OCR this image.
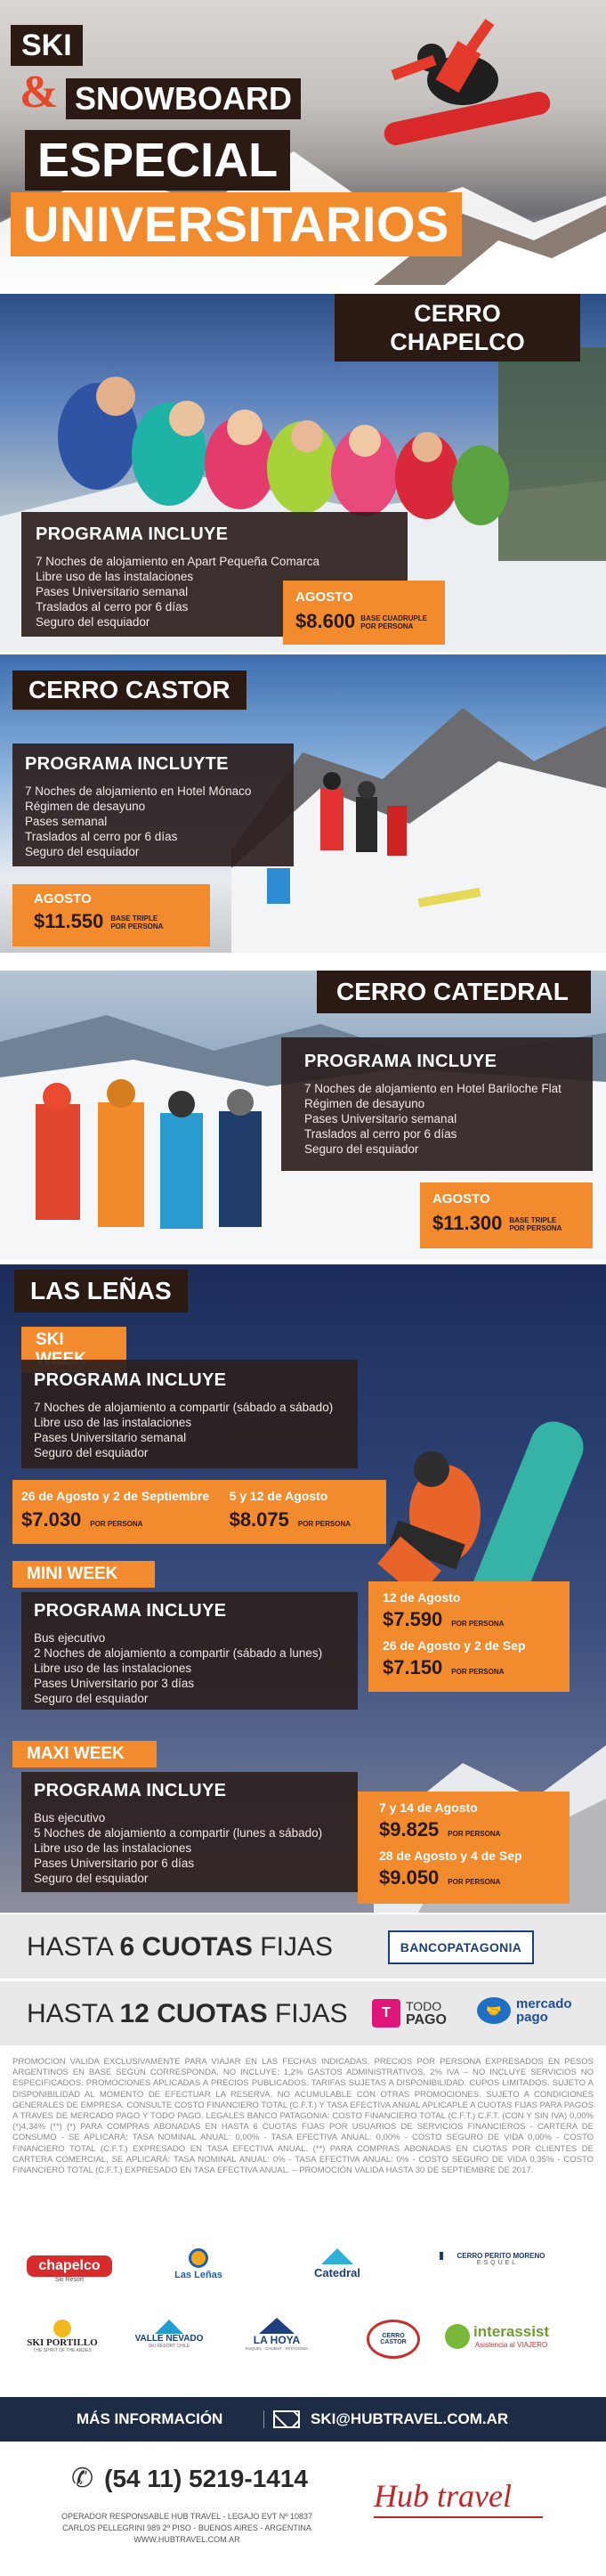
SKI
& SNOWBOARD
ESPECIAL
UNIVERSITARIOS
CERRO CHAPELCO
PROGRAMA INCLUYE
7 Noches de alojamiento en Apart Pequeña Comarca
Libre uso de las instalaciones
Pases Universitario semanal
Traslados al cerro por 6 días
Seguro del esquiador
AGOSTO
$8.600 BASE CUADRUPLE
POR PERSONA
CERRO CASTOR
PROGRAMA INCLUYTE
7 Noches de alojamiento en Hotel Mónaco
Régimen de desayuno
Pases semanal
Traslados al cerro por 6 días
Seguro del esquiador
AGOSTO
$11.550 BASE TRIPLE
POR PERSONA
CERRO CATEDRAL
PROGRAMA INCLUYE
7 Noches de alojamiento en Hotel Bariloche Flat
Régimen de desayuno
Pases Universitario semanal
Traslados al cerro por 6 días
Seguro del esquiador
AGOSTO
$11.300 BASE TRIPLE
POR PERSONA
LAS LEÑAS
SKI
PROGRAMA INCLUYE
7 Noches de alojamiento a compartir (sábado a sábado)
Libre uso de las instalaciones
Pases Universitario semanal
Seguro del esquiador
26 de Agosto y 2 de Septiembre
$7.030 POR PERSONA
5 y 12 de Agosto
$8.075 POR PERSONA
MINI WEEK
PROGRAMA INCLUYE
Bus ejecutivo
2 Noches de alojamiento a compartir (sábado a lunes)
Libre uso de las instalaciones
Pases Universitario por 3 días
Seguro del esquiador
12 de Agosto
$7.590 POR PERSONA
26 de Agosto y 2 de Sep
$7.150 POR PERSONA
MAXI WEEK
PROGRAMA INCLUYE
Bus ejecutivo
5 Noches de alojamiento a compartir (lunes a sábado)
Libre uso de las instalaciones
Pases Universitario por 6 días
Seguro del esquiador
7 y 14 de Agosto
$9.825 POR PERSONA
28 de Agosto y 4 de Sep
$9.050 POR PERSONA
HASTA 6 CUOTAS FIJAS	BANCOPATAGONIA
HASTA 12 CUOTAS FIJAS	T	TODO
PAGO
🤝	mercado
pago

PROMOCION VALIDA EXCLUSIVAMENTE PARA VIAJAR EN LAS FECHAS INDICADAS. PRECIOS POR PERSONA EXPRESADOS EN PESOS ARGENTINOS EN BASE SEGÚN CORRESPONDA. NO INCLUYE: 1,2% GASTOS ADMINISTRATIVOS, 2% IVA – NO INCLUYE SERVICIOS NO ESPECIFICADOS. PROMOCIONES APLICADAS A PRECIOS PUBLICADOS. TARIFAS SUJETAS A DISPONIBILIDAD. CUPOS LIMITADOS. SUJETO A DISPONIBILIDAD AL MOMENTO DE EFECTUAR LA RESERVA. NO ACUMULABLE CON OTRAS PROMOCIONES. SUJETO A CONDICIONES GENERALES DE EMPRESA. CONSULTE COSTO FINANCIERO TOTAL (C.F.T.) Y TASA EFECTIVA ANUAL APLICAPLE A CUOTAS FIJAS PARA PAGOS A TRAVES DE MERCADO PAGO Y TODO PAGO. LEGALES BANCO PATAGONIA: COSTO FINANCIERO TOTAL (C.F.T.) C.F.T. (CON Y SIN IVA) 0,00% (*)4,34% (**) (*) PARA COMPRAS ABONADAS EN HASTA 6 CUOTAS FIJAS POR USUARIOS DE SERVICIOS FINANCIEROS - CARTERA DE CONSUMO - SE APLICARÁ: TASA NOMINAL ANUAL: 0,00% - TASA EFECTIVA ANUAL: 0,00% - COSTO SEGURO DE VIDA 0,00% - COSTO FINANCIERO TOTAL (C.F.T.) EXPRESADO EN TASA EFECTIVA ANUAL. (**) PARA COMPRAS ABONADAS EN CUOTAS POR CLIENTES DE CARTERA COMERCIAL, SE APLICARÁ: TASA NOMINAL ANUAL: 0% - TASA EFECTIVA ANUAL: 0% - COSTO SEGURO DE VIDA 0,35% - COSTO FINANCIERO TOTAL (C.F.T.) EXPRESADO EN TASA EFECTIVA ANUAL. – PROMOCIÓN VALIDA HASTA 30 DE SEPTIEMBRE DE 2017.

chapelco
Ski Resort	Las Leñas	Catedral
CERRO PERITO MORENO
ESQUEL
SKI PORTILLO
THE SPIRIT OF THE ANDES
VALLE NEVADO
SKI RESORT CHILE	LA HOYA
ESQUEL · CHUBUT · PATAGONIA
CERRO CASTOR
interassist
Asistencia al VIAJERO
MÁS INFORMACIÓN	SKI@HUBTRAVEL.COM.AR
✆ (54 11) 5219-1414
OPERADOR RESPONSABLE HUB TRAVEL - LEGAJO EVT Nº 10837
CARLOS PELLEGRINI 989 2º PISO - BUENOS AIRES - ARGENTINA
WWW.HUBTRAVEL.COM.AR
Hub travel
